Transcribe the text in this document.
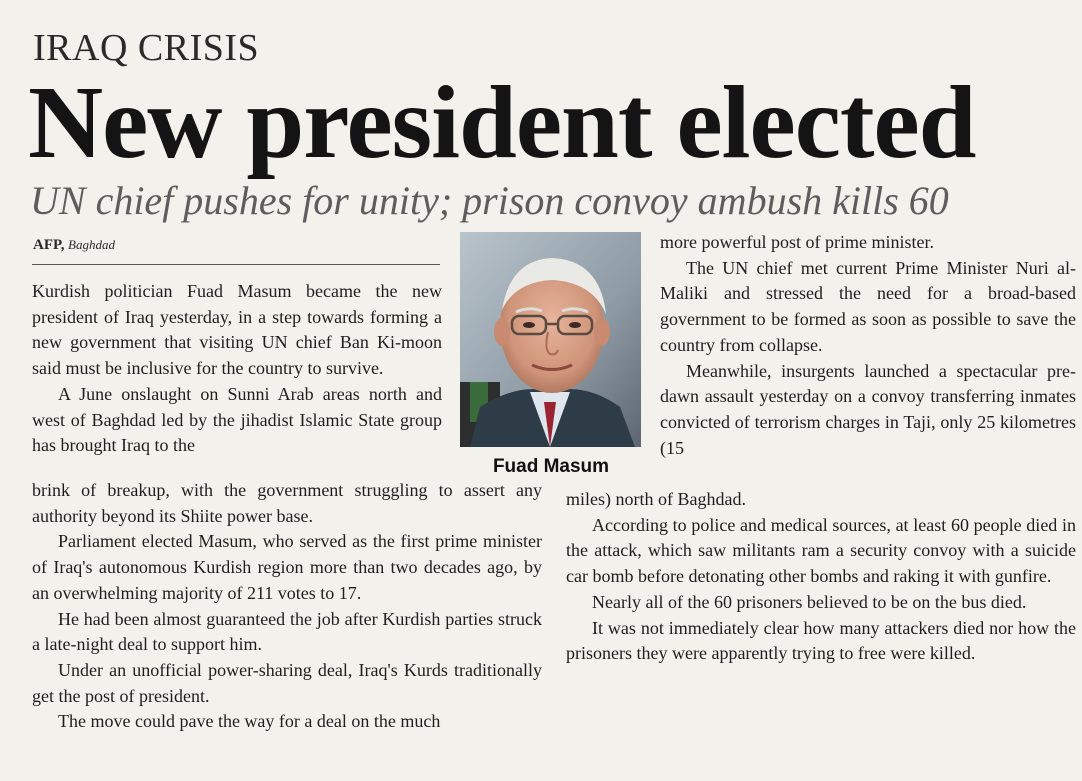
IRAQ CRISIS
New president elected
UN chief pushes for unity; prison convoy ambush kills 60
AFP, Baghdad
Fuad Masum

Kurdish politician Fuad Masum became the new president of Iraq yesterday, in a step towards forming a new government that visiting UN chief Ban Ki-moon said must be inclusive for the country to survive.

A June onslaught on Sunni Arab areas north and west of Baghdad led by the jihadist Islamic State group has brought Iraq to the

brink of breakup, with the government struggling to assert any authority beyond its Shiite power base.

Parliament elected Masum, who served as the first prime minister of Iraq's autonomous Kurdish region more than two decades ago, by an overwhelming majority of 211 votes to 17.

He had been almost guaranteed the job after Kurdish parties struck a late-night deal to support him.

Under an unofficial power-sharing deal, Iraq's Kurds traditionally get the post of president.

The move could pave the way for a deal on the much

more powerful post of prime minister.

The UN chief met current Prime Minister Nuri al-Maliki and stressed the need for a broad-based government to be formed as soon as possible to save the country from collapse.

Meanwhile, insurgents launched a spectacular pre-dawn assault yesterday on a convoy transferring inmates convicted of terrorism charges in Taji, only 25 kilometres (15

miles) north of Baghdad.

According to police and medical sources, at least 60 people died in the attack, which saw militants ram a security convoy with a suicide car bomb before detonating other bombs and raking it with gunfire.

Nearly all of the 60 prisoners believed to be on the bus died.

It was not immediately clear how many attackers died nor how the prisoners they were apparently trying to free were killed.
